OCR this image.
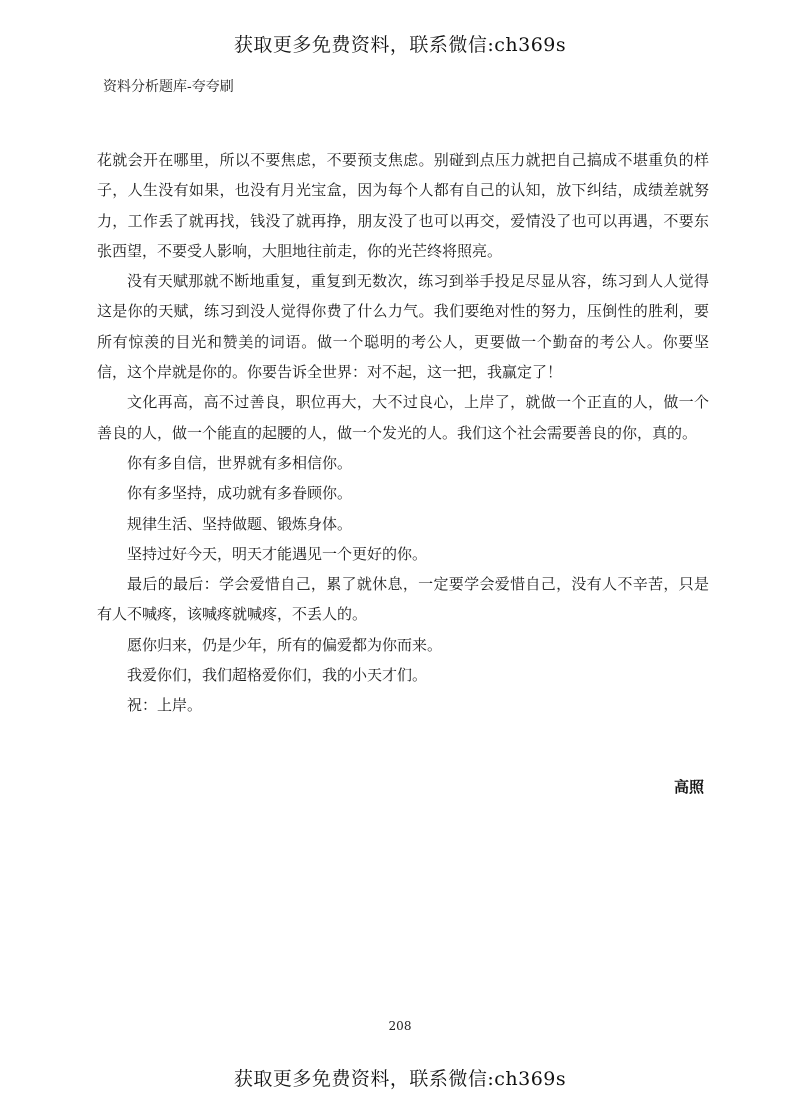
获取更多免费资料，联系微信:ch369s
资料分析题库-夸夸刷

花就会开在哪里，所以不要焦虑，不要预支焦虑。别碰到点压力就把自己搞成不堪重负的样子，人生没有如果，也没有月光宝盒，因为每个人都有自己的认知，放下纠结，成绩差就努力，工作丢了就再找，钱没了就再挣，朋友没了也可以再交，爱情没了也可以再遇，不要东张西望，不要受人影响，大胆地往前走，你的光芒终将照亮。

没有天赋那就不断地重复，重复到无数次，练习到举手投足尽显从容，练习到人人觉得这是你的天赋，练习到没人觉得你费了什么力气。我们要绝对性的努力，压倒性的胜利，要所有惊羡的目光和赞美的词语。做一个聪明的考公人，更要做一个勤奋的考公人。你要坚信，这个岸就是你的。你要告诉全世界：对不起，这一把，我赢定了！

文化再高，高不过善良，职位再大，大不过良心，上岸了，就做一个正直的人，做一个善良的人，做一个能直的起腰的人，做一个发光的人。我们这个社会需要善良的你，真的。

你有多自信，世界就有多相信你。

你有多坚持，成功就有多眷顾你。

规律生活、坚持做题、锻炼身体。

坚持过好今天，明天才能遇见一个更好的你。

最后的最后：学会爱惜自己，累了就休息，一定要学会爱惜自己，没有人不辛苦，只是有人不喊疼，该喊疼就喊疼，不丢人的。

愿你归来，仍是少年，所有的偏爱都为你而来。

我爱你们，我们超格爱你们，我的小天才们。

祝：上岸。

高照
208
获取更多免费资料，联系微信:ch369s
